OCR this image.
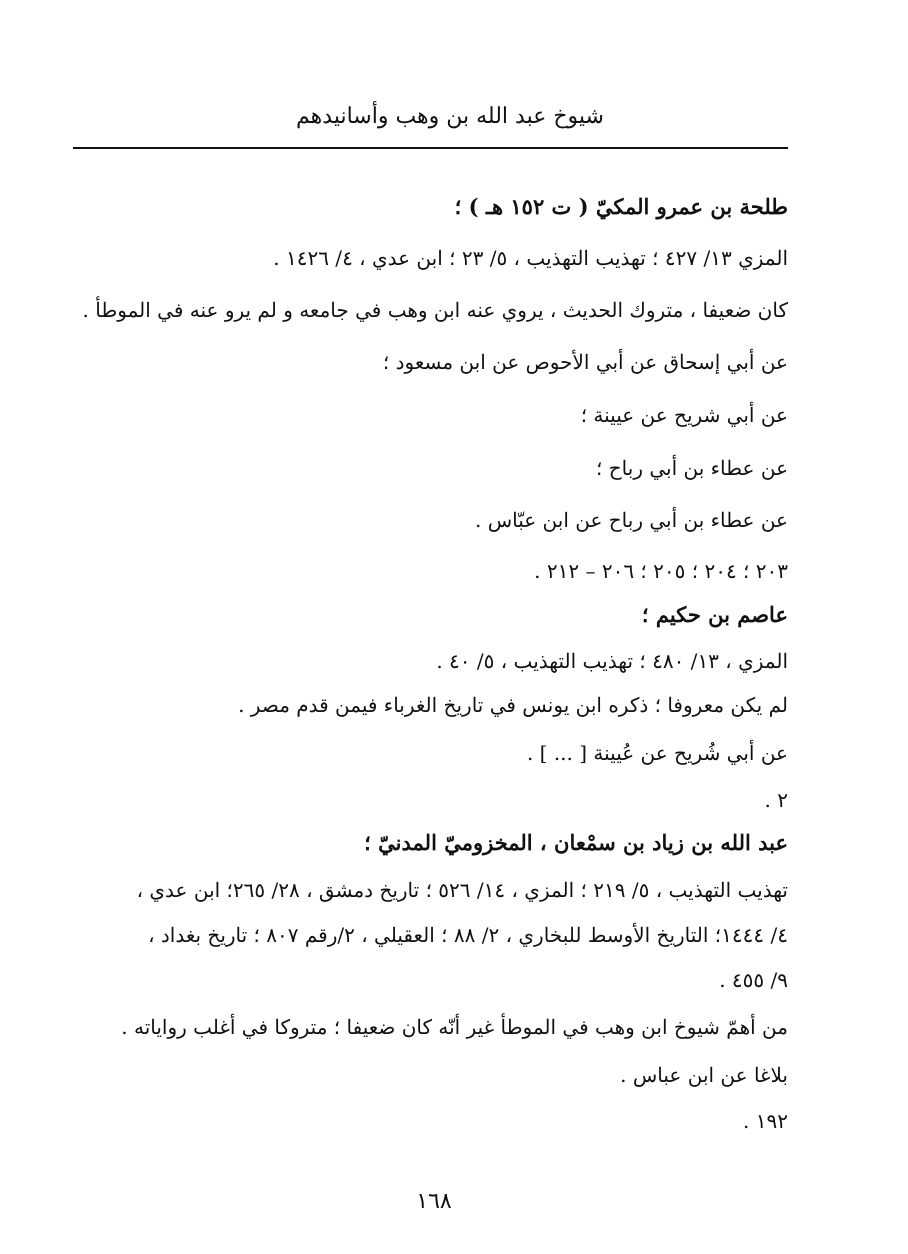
شيوخ عبد الله بن وهب وأسانيدهم
طلحة بن عمرو المكيّ ( ت ١٥٢ هـ ) ؛
المزي ١٣/ ٤٢٧ ؛ تهذيب التهذيب ، ٥/ ٢٣ ؛ ابن عدي ، ٤/ ١٤٢٦ .
كان ضعيفا ، متروك الحديث ، يروي عنه ابن وهب في جامعه و لم يرو عنه في الموطأ .
عن أبي إسحاق عن أبي الأحوص عن ابن مسعود ؛
عن أبي شريح عن عيينة ؛
عن عطاء بن أبي رباح ؛
عن عطاء بن أبي رباح عن ابن عبّاس .
٢٠٣ ؛ ٢٠٤ ؛ ٢٠٥ ؛ ٢٠٦ – ٢١٢ .
عاصم بن حكيم ؛
المزي ، ١٣/ ٤٨٠ ؛ تهذيب التهذيب ، ٥/ ٤٠ .
لم يكن معروفا ؛ ذكره ابن يونس في تاريخ الغرباء فيمن قدم مصر .
عن أبي شُريح عن عُيينة [ ... ] .
٢ .
عبد الله بن زياد بن سمْعان ، المخزوميّ المدنيّ ؛
تهذيب التهذيب ، ٥/ ٢١٩ ؛ المزي ، ١٤/ ٥٢٦ ؛ تاريخ دمشق ، ٢٨/ ٢٦٥؛ ابن عدي ،
٤/ ١٤٤٤؛ التاريخ الأوسط للبخاري ، ٢/ ٨٨ ؛ العقيلي ، ٢/رقم ٨٠٧ ؛ تاريخ بغداد ،
٩/ ٤٥٥ .
من أهمّ شيوخ ابن وهب في الموطأ غير أنّه كان ضعيفا ؛ متروكا في أغلب رواياته .
بلاغا عن ابن عباس .
١٩٢ .
١٦٨
